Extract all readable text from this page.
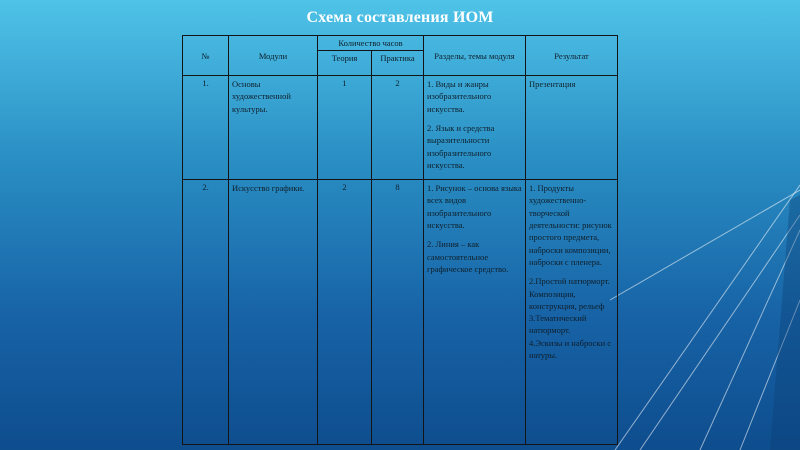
Схема составления ИОМ
№	Модули	Количество часов		Разделы, темы модуля	Результат
		Теория	Практика		
1.	Основы художественной культуры.	1	2	1. Виды и жанры изобразительного искусства.
2. Язык и средства выразительности изобразительного искусства.	Презентация

2.	Искусство графики.	2	8	1. Рисунок – основа языка всех видов изобразительного искусства.
2. Линия – как самостоятельное графическое средство.	1. Продукты художественно-творческой деятельности: рисунок простого предмета, наброски композиции, наброски с пленера.
2.Простой натюрморт. Композиция, конструкция, рельеф
3.Тематический натюрморт.
4.Эскизы и наброски с натуры.
